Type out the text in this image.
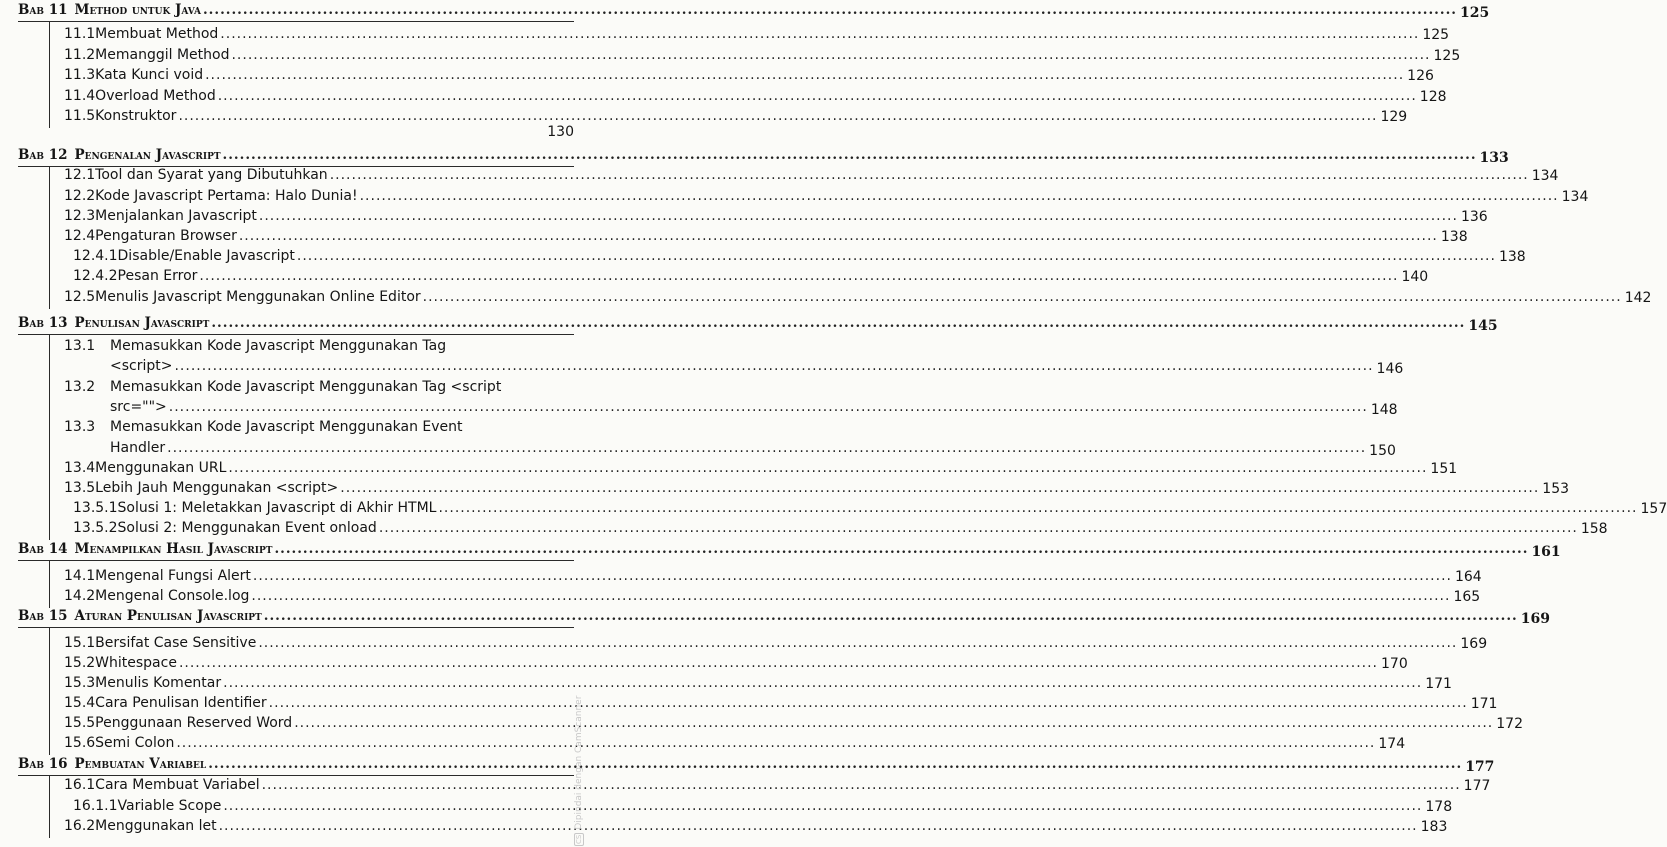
Bab 11 Method untuk Java ............................................................................................................................................................................................................................ 125
11.1 Membuat Method ............................................................................................................................................................................................................................ 125
11.2 Memanggil Method ............................................................................................................................................................................................................................ 125
11.3 Kata Kunci void ............................................................................................................................................................................................................................ 126
11.4 Overload Method ............................................................................................................................................................................................................................ 128
11.5 Konstruktor ............................................................................................................................................................................................................................ 129
Bab 12 Pengenalan Javascript ............................................................................................................................................................................................................................ 133
130
12.1 Tool dan Syarat yang Dibutuhkan ............................................................................................................................................................................................................................ 134
12.2 Kode Javascript Pertama: Halo Dunia! ............................................................................................................................................................................................................................ 134
12.3 Menjalankan Javascript ............................................................................................................................................................................................................................ 136
12.4 Pengaturan Browser ............................................................................................................................................................................................................................ 138
12.4.1 Disable/Enable Javascript ............................................................................................................................................................................................................................ 138
12.4.2 Pesan Error ............................................................................................................................................................................................................................ 140
12.5 Menulis Javascript Menggunakan Online Editor ............................................................................................................................................................................................................................ 142
Bab 13 Penulisan Javascript ............................................................................................................................................................................................................................ 145
13.1	Memasukkan Kode Javascript Menggunakan Tag
<script> ............................................................................................................................................................................................................................ 146
13.2	Memasukkan Kode Javascript Menggunakan Tag <script
src=""> ............................................................................................................................................................................................................................ 148
13.3	Memasukkan Kode Javascript Menggunakan Event
Handler ............................................................................................................................................................................................................................ 150
13.4 Menggunakan URL ............................................................................................................................................................................................................................ 151
13.5 Lebih Jauh Menggunakan <script> ............................................................................................................................................................................................................................ 153
13.5.1 Solusi 1: Meletakkan Javascript di Akhir HTML ............................................................................................................................................................................................................................ 157
13.5.2 Solusi 2: Menggunakan Event onload ............................................................................................................................................................................................................................ 158
Bab 14 Menampilkan Hasil Javascript ............................................................................................................................................................................................................................ 161
14.1 Mengenal Fungsi Alert ............................................................................................................................................................................................................................ 164
14.2 Mengenal Console.log ............................................................................................................................................................................................................................ 165
Bab 15 Aturan Penulisan Javascript ............................................................................................................................................................................................................................ 169
15.1 Bersifat Case Sensitive ............................................................................................................................................................................................................................ 169
15.2 Whitespace ............................................................................................................................................................................................................................ 170
15.3 Menulis Komentar ............................................................................................................................................................................................................................ 171
15.4 Cara Penulisan Identifier ............................................................................................................................................................................................................................ 171
15.5 Penggunaan Reserved Word ............................................................................................................................................................................................................................ 172
15.6 Semi Colon ............................................................................................................................................................................................................................ 174
Bab 16 Pembuatan Variabel ............................................................................................................................................................................................................................ 177
16.1 Cara Membuat Variabel ............................................................................................................................................................................................................................ 177
16.1.1 Variable Scope ............................................................................................................................................................................................................................ 178
16.2 Menggunakan let ............................................................................................................................................................................................................................ 183
CSDipindai dengan CamScanner
